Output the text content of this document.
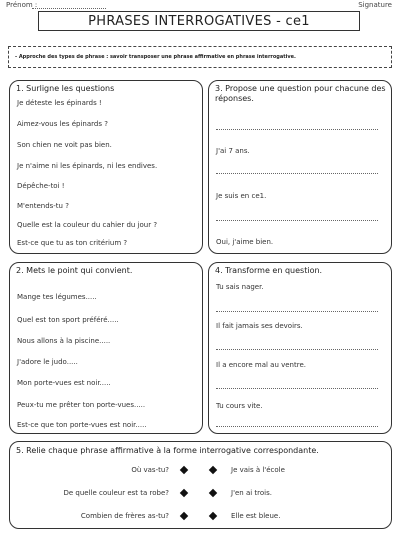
Prénom :	Signature
PHRASES INTERROGATIVES - ce1
- Approche des types de phrase : savoir transposer une phrase affirmative en phrase interrogative.
1. Surligne les questions
Je déteste les épinards !
Aimez-vous les épinards ?
Son chien ne voit pas bien.
Je n'aime ni les épinards, ni les endives.
Dépêche-toi !
M'entends-tu ?
Quelle est la couleur du cahier du jour ?
Est-ce que tu as ton critérium ?
3. Propose une question pour chacune des réponses.
J'ai 7 ans.
Je suis en ce1.
Oui, j'aime bien.
2. Mets le point qui convient.
Mange tes légumes.....
Quel est ton sport préféré.....
Nous allons à la piscine.....
J'adore le judo.....
Mon porte-vues est noir.....
Peux-tu me prêter ton porte-vues.....
Est-ce que ton porte-vues est noir.....
4. Transforme en question.
Tu sais nager.
Il fait jamais ses devoirs.
Il a encore mal au ventre.
Tu cours vite.
5. Relie chaque phrase affirmative à la forme interrogative correspondante.
Où vas-tu?
De quelle couleur est ta robe?
Combien de frères as-tu?
Je vais à l'école
J'en ai trois.
Elle est bleue.
